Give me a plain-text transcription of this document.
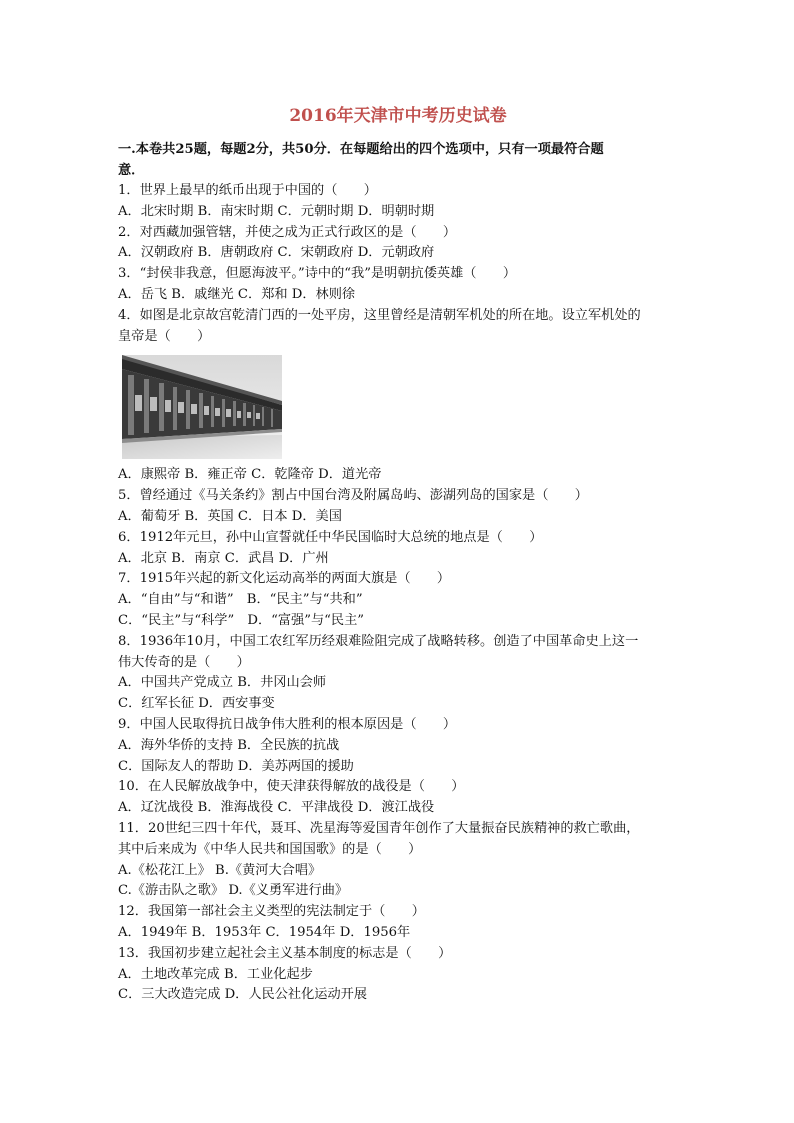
2016年天津市中考历史试卷
一.本卷共25题，每题2分，共50分．在每题给出的四个选项中，只有一项最符合题
意．
1．世界上最早的纸币出现于中国的（　　）
A．北宋时期 B．南宋时期 C．元朝时期 D．明朝时期
2．对西藏加强管辖，并使之成为正式行政区的是（　　）
A．汉朝政府 B．唐朝政府 C．宋朝政府 D．元朝政府
3．“封侯非我意，但愿海波平。”诗中的“我”是明朝抗倭英雄（　　）
A．岳飞 B．戚继光 C．郑和 D．林则徐
4．如图是北京故宫乾清门西的一处平房，这里曾经是清朝军机处的所在地。设立军机处的
皇帝是（　　）
A．康熙帝 B．雍正帝 C．乾隆帝 D．道光帝
5．曾经通过《马关条约》割占中国台湾及附属岛屿、澎湖列岛的国家是（　　）
A．葡萄牙 B．英国 C．日本 D．美国
6．1912年元旦，孙中山宣誓就任中华民国临时大总统的地点是（　　）
A．北京 B．南京 C．武昌 D．广州
7．1915年兴起的新文化运动高举的两面大旗是（　　）
A．“自由”与“和谐”　B．“民主”与“共和”
C．“民主”与“科学”　D．“富强”与“民主”
8．1936年10月，中国工农红军历经艰难险阻完成了战略转移。创造了中国革命史上这一
伟大传奇的是（　　）
A．中国共产党成立 B．井冈山会师
C．红军长征 D．西安事变
9．中国人民取得抗日战争伟大胜利的根本原因是（　　）
A．海外华侨的支持 B．全民族的抗战
C．国际友人的帮助 D．美苏两国的援助
10．在人民解放战争中，使天津获得解放的战役是（　　）
A．辽沈战役 B．淮海战役 C．平津战役 D．渡江战役
11．20世纪三四十年代，聂耳、冼星海等爱国青年创作了大量振奋民族精神的救亡歌曲，
其中后来成为《中华人民共和国国歌》的是（　　）
A.《松花江上》 B.《黄河大合唱》
C.《游击队之歌》 D.《义勇军进行曲》
12．我国第一部社会主义类型的宪法制定于（　　）
A．1949年 B．1953年 C．1954年 D．1956年
13．我国初步建立起社会主义基本制度的标志是（　　）
A．土地改革完成 B．工业化起步
C．三大改造完成 D．人民公社化运动开展
